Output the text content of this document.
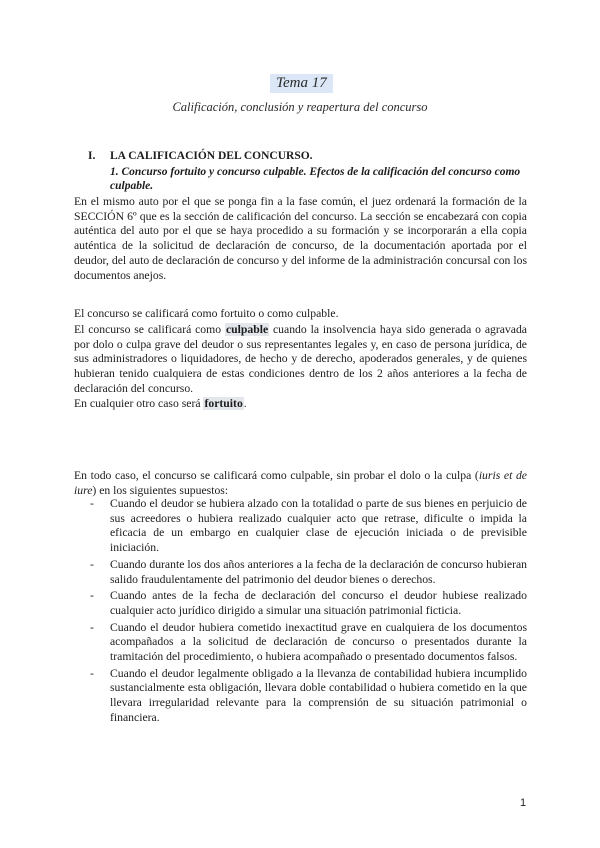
Tema 17
Calificación, conclusión y reapertura del concurso
I. LA CALIFICACIÓN DEL CONCURSO.
1. Concurso fortuito y concurso culpable. Efectos de la calificación del concurso como culpable.
En el mismo auto por el que se ponga fin a la fase común, el juez ordenará la formación de la SECCIÓN 6º que es la sección de calificación del concurso. La sección se encabezará con copia auténtica del auto por el que se haya procedido a su formación y se incorporarán a ella copia auténtica de la solicitud de declaración de concurso, de la documentación aportada por el deudor, del auto de declaración de concurso y del informe de la administración concursal con los documentos anejos.
El concurso se calificará como fortuito o como culpable.
El concurso se calificará como culpable cuando la insolvencia haya sido generada o agravada por dolo o culpa grave del deudor o sus representantes legales y, en caso de persona jurídica, de sus administradores o liquidadores, de hecho y de derecho, apoderados generales, y de quienes hubieran tenido cualquiera de estas condiciones dentro de los 2 años anteriores a la fecha de declaración del concurso.
En cualquier otro caso será fortuito.
En todo caso, el concurso se calificará como culpable, sin probar el dolo o la culpa (iuris et de iure) en los siguientes supuestos:
- Cuando el deudor se hubiera alzado con la totalidad o parte de sus bienes en perjuicio de sus acreedores o hubiera realizado cualquier acto que retrase, dificulte o impida la eficacia de un embargo en cualquier clase de ejecución iniciada o de previsible iniciación.
- Cuando durante los dos años anteriores a la fecha de la declaración de concurso hubieran salido fraudulentamente del patrimonio del deudor bienes o derechos.
- Cuando antes de la fecha de declaración del concurso el deudor hubiese realizado cualquier acto jurídico dirigido a simular una situación patrimonial ficticia.
- Cuando el deudor hubiera cometido inexactitud grave en cualquiera de los documentos acompañados a la solicitud de declaración de concurso o presentados durante la tramitación del procedimiento, o hubiera acompañado o presentado documentos falsos.
- Cuando el deudor legalmente obligado a la llevanza de contabilidad hubiera incumplido sustancialmente esta obligación, llevara doble contabilidad o hubiera cometido en la que llevara irregularidad relevante para la comprensión de su situación patrimonial o financiera.
1
